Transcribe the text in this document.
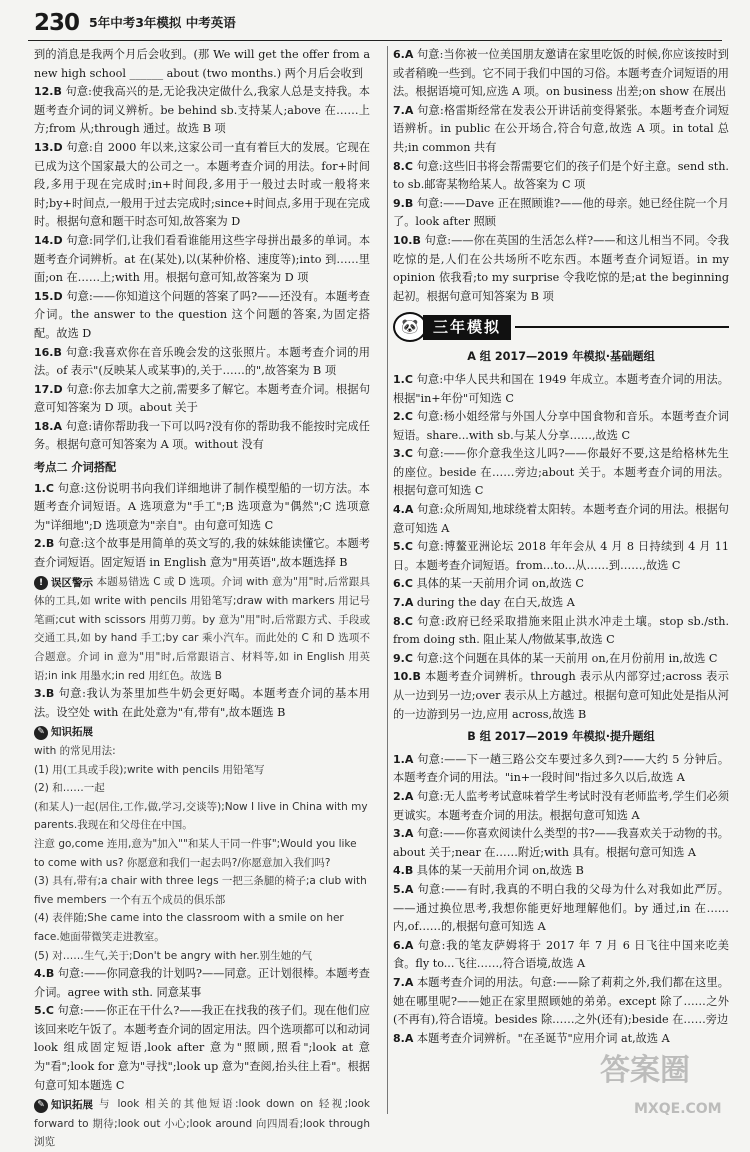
230 5年中考3年模拟 中考英语
到的消息是我两个月后会收到。(那 We will get the offer from a new high school ______ about (two months.) 两个月后会收到
12.B 句意:使我高兴的是,无论我决定做什么,我家人总是支持我。本题考查介词的词义辨析。be behind sb.支持某人;above 在……上方;from 从;through 通过。故选 B 项
13.D 句意:自 2000 年以来,这家公司一直有着巨大的发展。它现在已成为这个国家最大的公司之一。本题考查介词的用法。for+时间段,多用于现在完成时;in+时间段,多用于一般过去时或一般将来时;by+时间点,一般用于过去完成时;since+时间点,多用于现在完成时。根据句意和题干时态可知,故答案为 D
14.D 句意:同学们,让我们看看谁能用这些字母拼出最多的单词。本题考查介词辨析。at 在(某处),以(某种价格、速度等);into 到……里面;on 在……上;with 用。根据句意可知,故答案为 D 项
15.D 句意:——你知道这个问题的答案了吗?——还没有。本题考查介词。the answer to the question 这个问题的答案,为固定搭配。故选 D
16.B 句意:我喜欢你在音乐晚会发的这张照片。本题考查介词的用法。of 表示"(反映某人或某事)的,关于……的",故答案为 B 项
17.D 句意:你去加拿大之前,需要多了解它。本题考查介词。根据句意可知答案为 D 项。about 关于
18.A 句意:请你帮助我一下可以吗?没有你的帮助我不能按时完成任务。根据句意可知答案为 A 项。without 没有
考点二 介词搭配
1.C 句意:这份说明书向我们详细地讲了制作模型船的一切方法。本题考查介词短语。A 选项意为"手工";B 选项意为"偶然";C 选项意为"详细地";D 选项意为"亲自"。由句意可知选 C
2.B 句意:这个故事是用简单的英文写的,我的妹妹能读懂它。本题考查介词短语。固定短语 in English 意为"用英语",故本题选择 B
! 误区警示 本题易错选 C 或 D 选项。介词 with 意为"用"时,后常跟具体的工具,如 write with pencils 用铅笔写;draw with markers 用记号笔画;cut with scissors 用剪刀剪。by 意为"用"时,后常跟方式、手段或交通工具,如 by hand 手工;by car 乘小汽车。而此处的 C 和 D 选项不合题意。介词 in 意为"用"时,后常跟语言、材料等,如 in English 用英语;in ink 用墨水;in red 用红色。故选 B
3.B 句意:我认为茶里加些牛奶会更好喝。本题考查介词的基本用法。设空处 with 在此处意为"有,带有",故本题选 B
✎ 知识拓展
with 的常见用法:
(1) 用(工具或手段);write with pencils 用铅笔写
(2) 和……一起
(和某人)一起(居住,工作,做,学习,交谈等);Now I live in China with my parents.我现在和父母住在中国。
注意 go,come 连用,意为"加入""和某人干同一件事";Would you like to come with us? 你愿意和我们一起去吗?/你愿意加入我们吗?
(3) 具有,带有;a chair with three legs 一把三条腿的椅子;a club with five members 一个有五个成员的俱乐部
(4) 表伴随;She came into the classroom with a smile on her face.她面带微笑走进教室。
(5) 对……生气,关于;Don't be angry with her.别生她的气
4.B 句意:——你同意我的计划吗?——同意。正计划很棒。本题考查介词。agree with sth. 同意某事
5.C 句意:——你正在干什么?——我正在找我的孩子们。现在他们应该回来吃午饭了。本题考查介词的固定用法。四个选项都可以和动词 look 组成固定短语,look after 意为"照顾,照看";look at 意为"看";look for 意为"寻找";look up 意为"查阅,抬头往上看"。根据句意可知本题选 C
✎ 知识拓展 与 look 相关的其他短语:look down on 轻视;look forward to 期待;look out 小心;look around 向四周看;look through 浏览
6.A 句意:当你被一位美国朋友邀请在家里吃饭的时候,你应该按时到或者稍晚一些到。它不同于我们中国的习俗。本题考查介词短语的用法。根据语境可知,应选 A 项。on business 出差;on show 在展出
7.A 句意:格雷斯经常在发表公开讲话前变得紧张。本题考查介词短语辨析。in public 在公开场合,符合句意,故选 A 项。in total 总共;in common 共有
8.C 句意:这些旧书将会帮需要它们的孩子们是个好主意。send sth. to sb.邮寄某物给某人。故答案为 C 项
9.B 句意:——Dave 正在照顾谁?——他的母亲。她已经住院一个月了。look after 照顾
10.B 句意:——你在英国的生活怎么样?——和这儿相当不同。令我吃惊的是,人们在公共场所不吃东西。本题考查介词短语。in my opinion 依我看;to my surprise 令我吃惊的是;at the beginning 起初。根据句意可知答案为 B 项
🐼 三年模拟
A 组 2017—2019 年模拟·基础题组
1.C 句意:中华人民共和国在 1949 年成立。本题考查介词的用法。根据"in+年份"可知选 C
2.C 句意:杨小姐经常与外国人分享中国食物和音乐。本题考查介词短语。share...with sb.与某人分享……,故选 C
3.C 句意:——你介意我坐这儿吗?——你最好不要,这是给格林先生的座位。beside 在……旁边;about 关于。本题考查介词的用法。根据句意可知选 C
4.A 句意:众所周知,地球绕着太阳转。本题考查介词的用法。根据句意可知选 A
5.C 句意:博鳌亚洲论坛 2018 年年会从 4 月 8 日持续到 4 月 11 日。本题考查介词短语。from...to...从……到……,故选 C
6.C 具体的某一天前用介词 on,故选 C
7.A during the day 在白天,故选 A
8.C 句意:政府已经采取措施来阻止洪水冲走土壤。stop sb./sth. from doing sth. 阻止某人/物做某事,故选 C
9.C 句意:这个问题在具体的某一天前用 on,在月份前用 in,故选 C
10.B 本题考查介词辨析。through 表示从内部穿过;across 表示从一边到另一边;over 表示从上方越过。根据句意可知此处是指从河的一边游到另一边,应用 across,故选 B
B 组 2017—2019 年模拟·提升题组
1.A 句意:——下一趟三路公交车要过多久到?——大约 5 分钟后。本题考查介词的用法。"in+一段时间"指过多久以后,故选 A
2.A 句意:无人监考考试意味着学生考试时没有老师监考,学生们必须更诚实。本题考查介词的用法。根据句意可知选 A
3.A 句意:——你喜欢阅读什么类型的书?——我喜欢关于动物的书。about 关于;near 在……附近;with 具有。根据句意可知选 A
4.B 具体的某一天前用介词 on,故选 B
5.A 句意:——有时,我真的不明白我的父母为什么对我如此严厉。——通过换位思考,我想你能更好地理解他们。by 通过,in 在……内,of……的,根据句意可知选 A
6.A 句意:我的笔友萨姆将于 2017 年 7 月 6 日飞往中国来吃美食。fly to...飞往……,符合语境,故选 A
7.A 本题考查介词的用法。句意:——除了莉莉之外,我们都在这里。她在哪里呢?——她正在家里照顾她的弟弟。except 除了……之外(不再有),符合语境。besides 除……之外(还有);beside 在……旁边
8.A 本题考查介词辨析。"在圣诞节"应用介词 at,故选 A
答案圈
MXQE.COM
